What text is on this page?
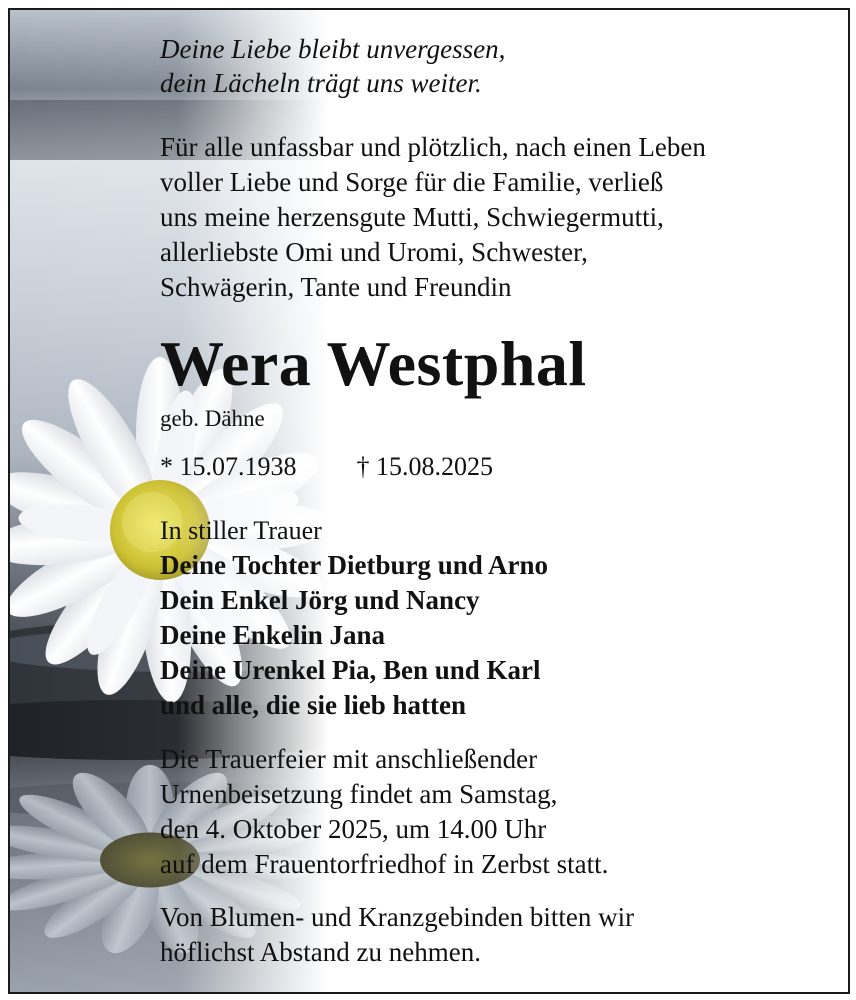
Deine Liebe bleibt unvergessen,
dein Lächeln trägt uns weiter.
Für alle unfassbar und plötzlich, nach einen Leben
voller Liebe und Sorge für die Familie, verließ
uns meine herzensgute Mutti, Schwiegermutti,
allerliebste Omi und Uromi, Schwester,
Schwägerin, Tante und Freundin
Wera Westphal
geb. Dähne
* 15.07.1938 † 15.08.2025
In stiller Trauer
Deine Tochter Dietburg und Arno
Dein Enkel Jörg und Nancy
Deine Enkelin Jana
Deine Urenkel Pia, Ben und Karl
und alle, die sie lieb hatten
Die Trauerfeier mit anschließender
Urnenbeisetzung findet am Samstag,
den 4. Oktober 2025, um 14.00 Uhr
auf dem Frauentorfriedhof in Zerbst statt.
Von Blumen- und Kranzgebinden bitten wir
höflichst Abstand zu nehmen.
